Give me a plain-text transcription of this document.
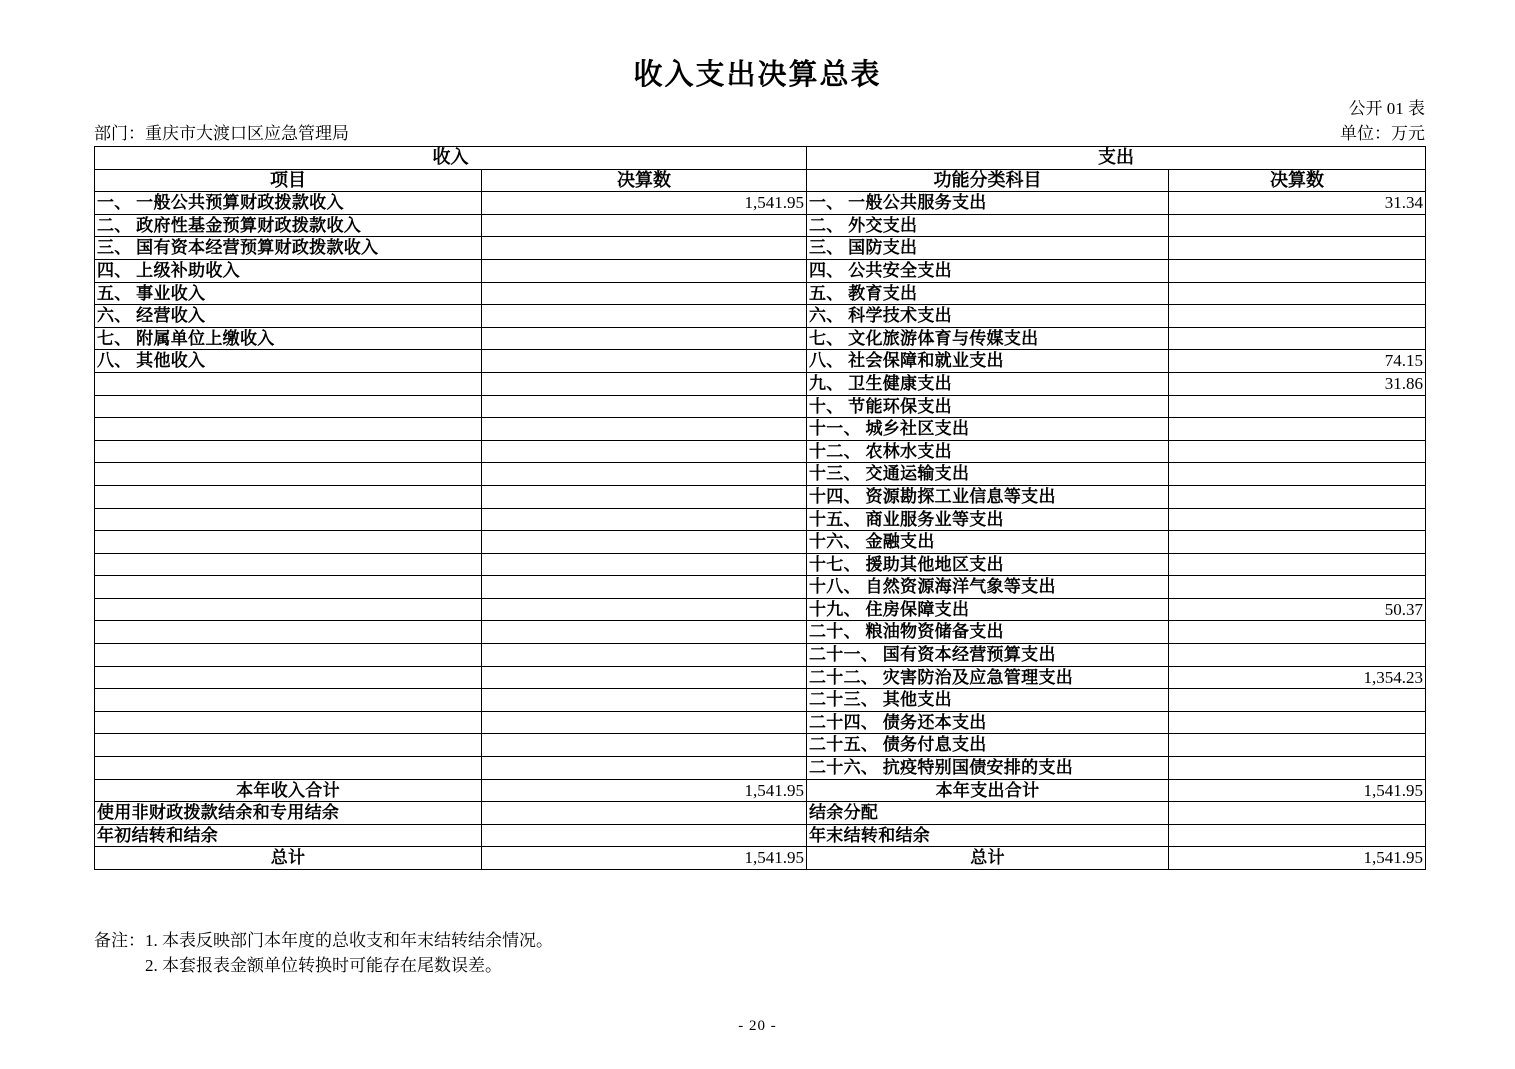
收入支出决算总表
公开 01 表
部门：重庆市大渡口区应急管理局	单位：万元
收入		支出	
项目	决算数	功能分类科目	决算数
一、 一般公共预算财政拨款收入	1,541.95	一、 一般公共服务支出	31.34
二、 政府性基金预算财政拨款收入		二、 外交支出	
三、 国有资本经营预算财政拨款收入		三、 国防支出	
四、 上级补助收入		四、 公共安全支出	
五、 事业收入		五、 教育支出	
六、 经营收入		六、 科学技术支出	
七、 附属单位上缴收入		七、 文化旅游体育与传媒支出	
八、 其他收入		八、 社会保障和就业支出	74.15
		九、 卫生健康支出	31.86
		十、 节能环保支出	
		十一、 城乡社区支出	
		十二、 农林水支出	
		十三、 交通运输支出	
		十四、 资源勘探工业信息等支出	
		十五、 商业服务业等支出	
		十六、 金融支出	
		十七、 援助其他地区支出	
		十八、 自然资源海洋气象等支出	
		十九、 住房保障支出	50.37
		二十、 粮油物资储备支出	
		二十一、 国有资本经营预算支出	
		二十二、 灾害防治及应急管理支出	1,354.23
		二十三、 其他支出	
		二十四、 债务还本支出	
		二十五、 债务付息支出	
		二十六、 抗疫特别国债安排的支出	
本年收入合计	1,541.95	本年支出合计	1,541.95
使用非财政拨款结余和专用结余		结余分配	
年初结转和结余		年末结转和结余	
总计	1,541.95	总计	1,541.95
备注：1. 本表反映部门本年度的总收支和年末结转结余情况。
2. 本套报表金额单位转换时可能存在尾数误差。
- 20 -
